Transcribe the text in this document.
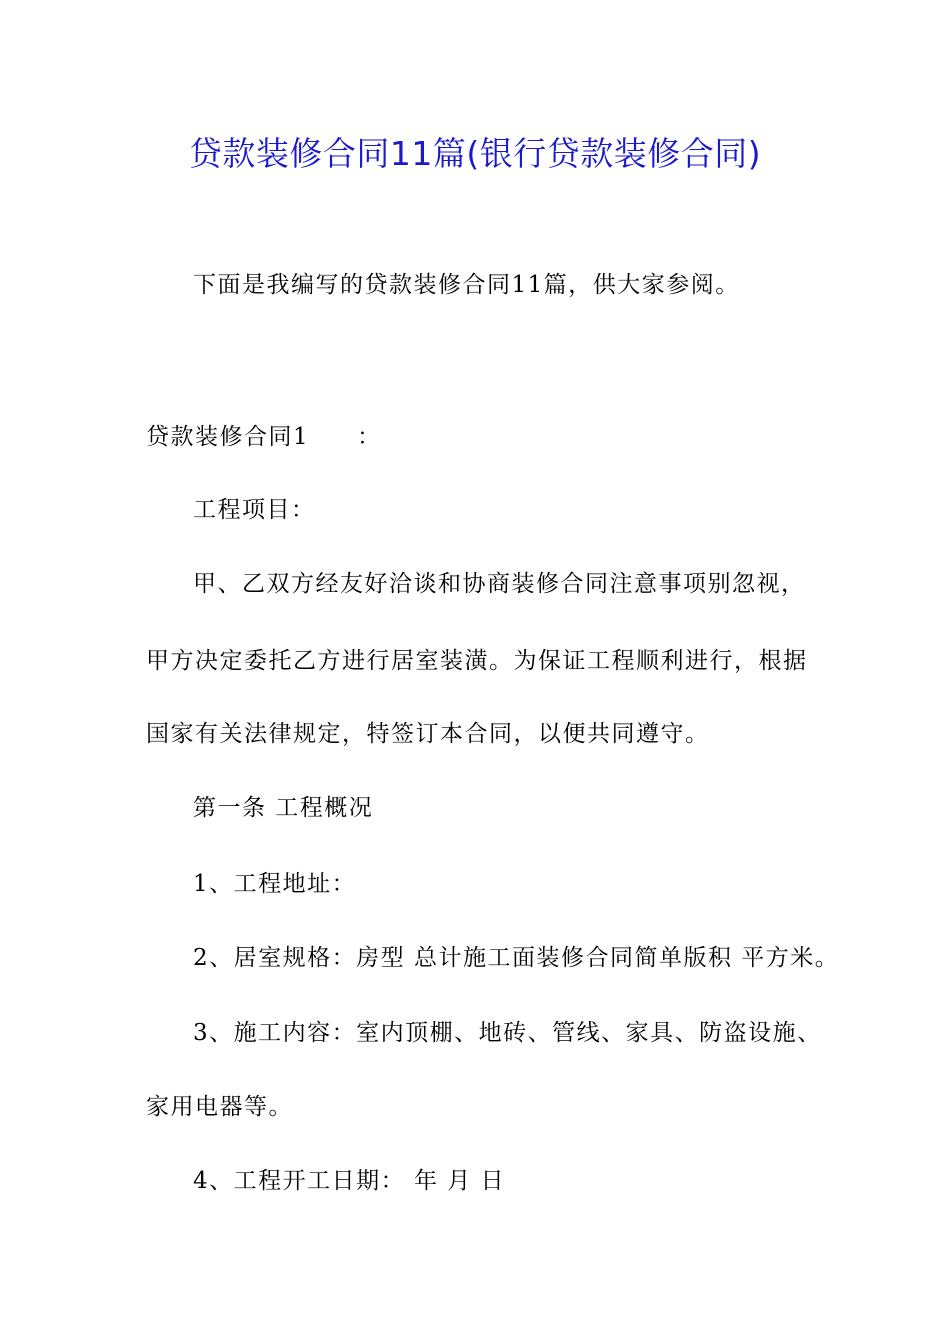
贷款装修合同11篇(银行贷款装修合同)
下面是我编写的贷款装修合同11篇，供大家参阅。
贷款装修合同1 ：
工程项目：
甲、乙双方经友好洽谈和协商装修合同注意事项别忽视，
甲方决定委托乙方进行居室装潢。为保证工程顺利进行，根据
国家有关法律规定，特签订本合同，以便共同遵守。
第一条 工程概况
1、工程地址：
2、居室规格：房型 总计施工面装修合同简单版积 平方米。
3、施工内容：室内顶棚、地砖、管线、家具、防盗设施、
家用电器等。
4、工程开工日期： 年 月 日
